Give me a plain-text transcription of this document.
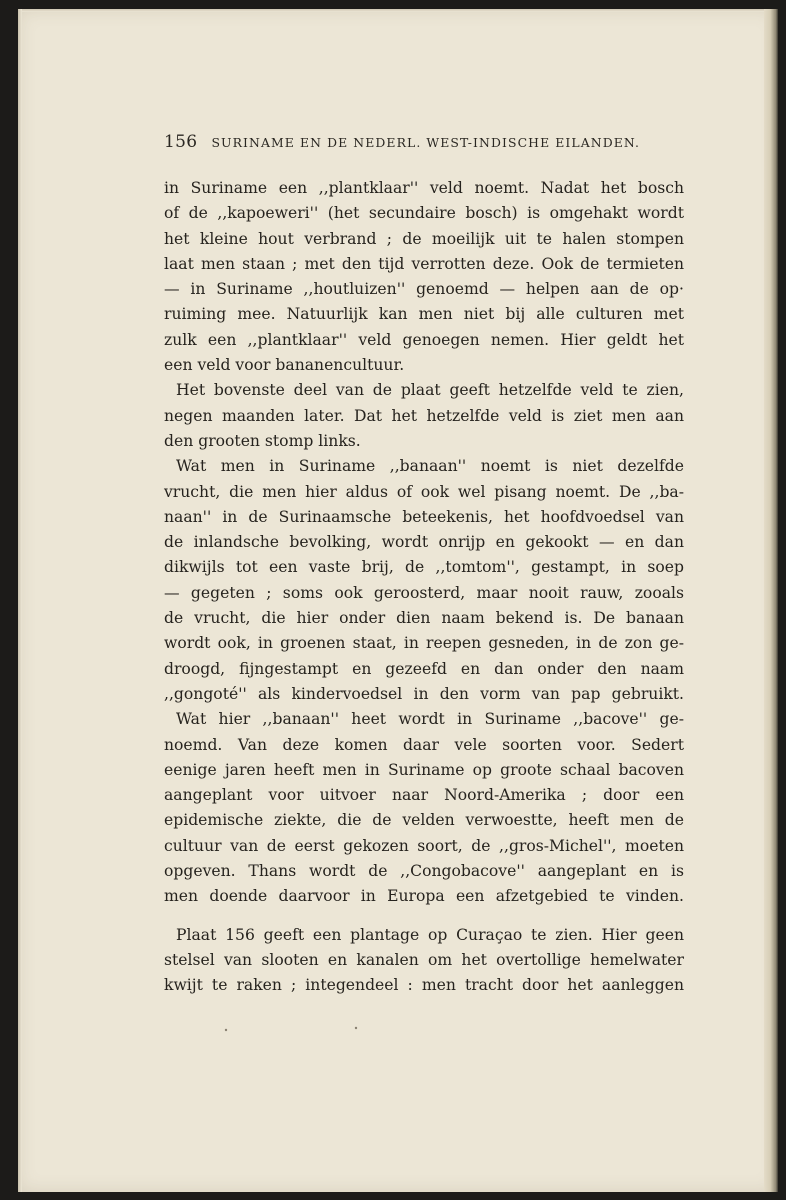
156 SURINAME EN DE NEDERL. WEST-INDISCHE EILANDEN.
in Suriname een ,,plantklaar'' veld noemt. Nadat het bosch
of de ,,kapoeweri'' (het secundaire bosch) is omgehakt wordt
het kleine hout verbrand ; de moeilijk uit te halen stompen
laat men staan ; met den tijd verrotten deze. Ook de termieten
— in Suriname ,,houtluizen'' genoemd — helpen aan de op·
ruiming mee. Natuurlijk kan men niet bij alle culturen met
zulk een ,,plantklaar'' veld genoegen nemen. Hier geldt het
een veld voor bananencultuur.
Het bovenste deel van de plaat geeft hetzelfde veld te zien,
negen maanden later. Dat het hetzelfde veld is ziet men aan
den grooten stomp links.
Wat men in Suriname ,,banaan'' noemt is niet dezelfde
vrucht, die men hier aldus of ook wel pisang noemt. De ,,ba-
naan'' in de Surinaamsche beteekenis, het hoofdvoedsel van
de inlandsche bevolking, wordt onrijp en gekookt — en dan
dikwijls tot een vaste brij, de ,,tomtom'', gestampt, in soep
— gegeten ; soms ook geroosterd, maar nooit rauw, zooals
de vrucht, die hier onder dien naam bekend is. De banaan
wordt ook, in groenen staat, in reepen gesneden, in de zon ge-
droogd, fijngestampt en gezeefd en dan onder den naam
,,gongoté'' als kindervoedsel in den vorm van pap gebruikt.
Wat hier ,,banaan'' heet wordt in Suriname ,,bacove'' ge-
noemd. Van deze komen daar vele soorten voor. Sedert
eenige jaren heeft men in Suriname op groote schaal bacoven
aangeplant voor uitvoer naar Noord-Amerika ; door een
epidemische ziekte, die de velden verwoestte, heeft men de
cultuur van de eerst gekozen soort, de ,,gros-Michel'', moeten
opgeven. Thans wordt de ,,Congobacove'' aangeplant en is
men doende daarvoor in Europa een afzetgebied te vinden.
Plaat 156 geeft een plantage op Curaçao te zien. Hier geen
stelsel van slooten en kanalen om het overtollige hemelwater
kwijt te raken ; integendeel : men tracht door het aanleggen
